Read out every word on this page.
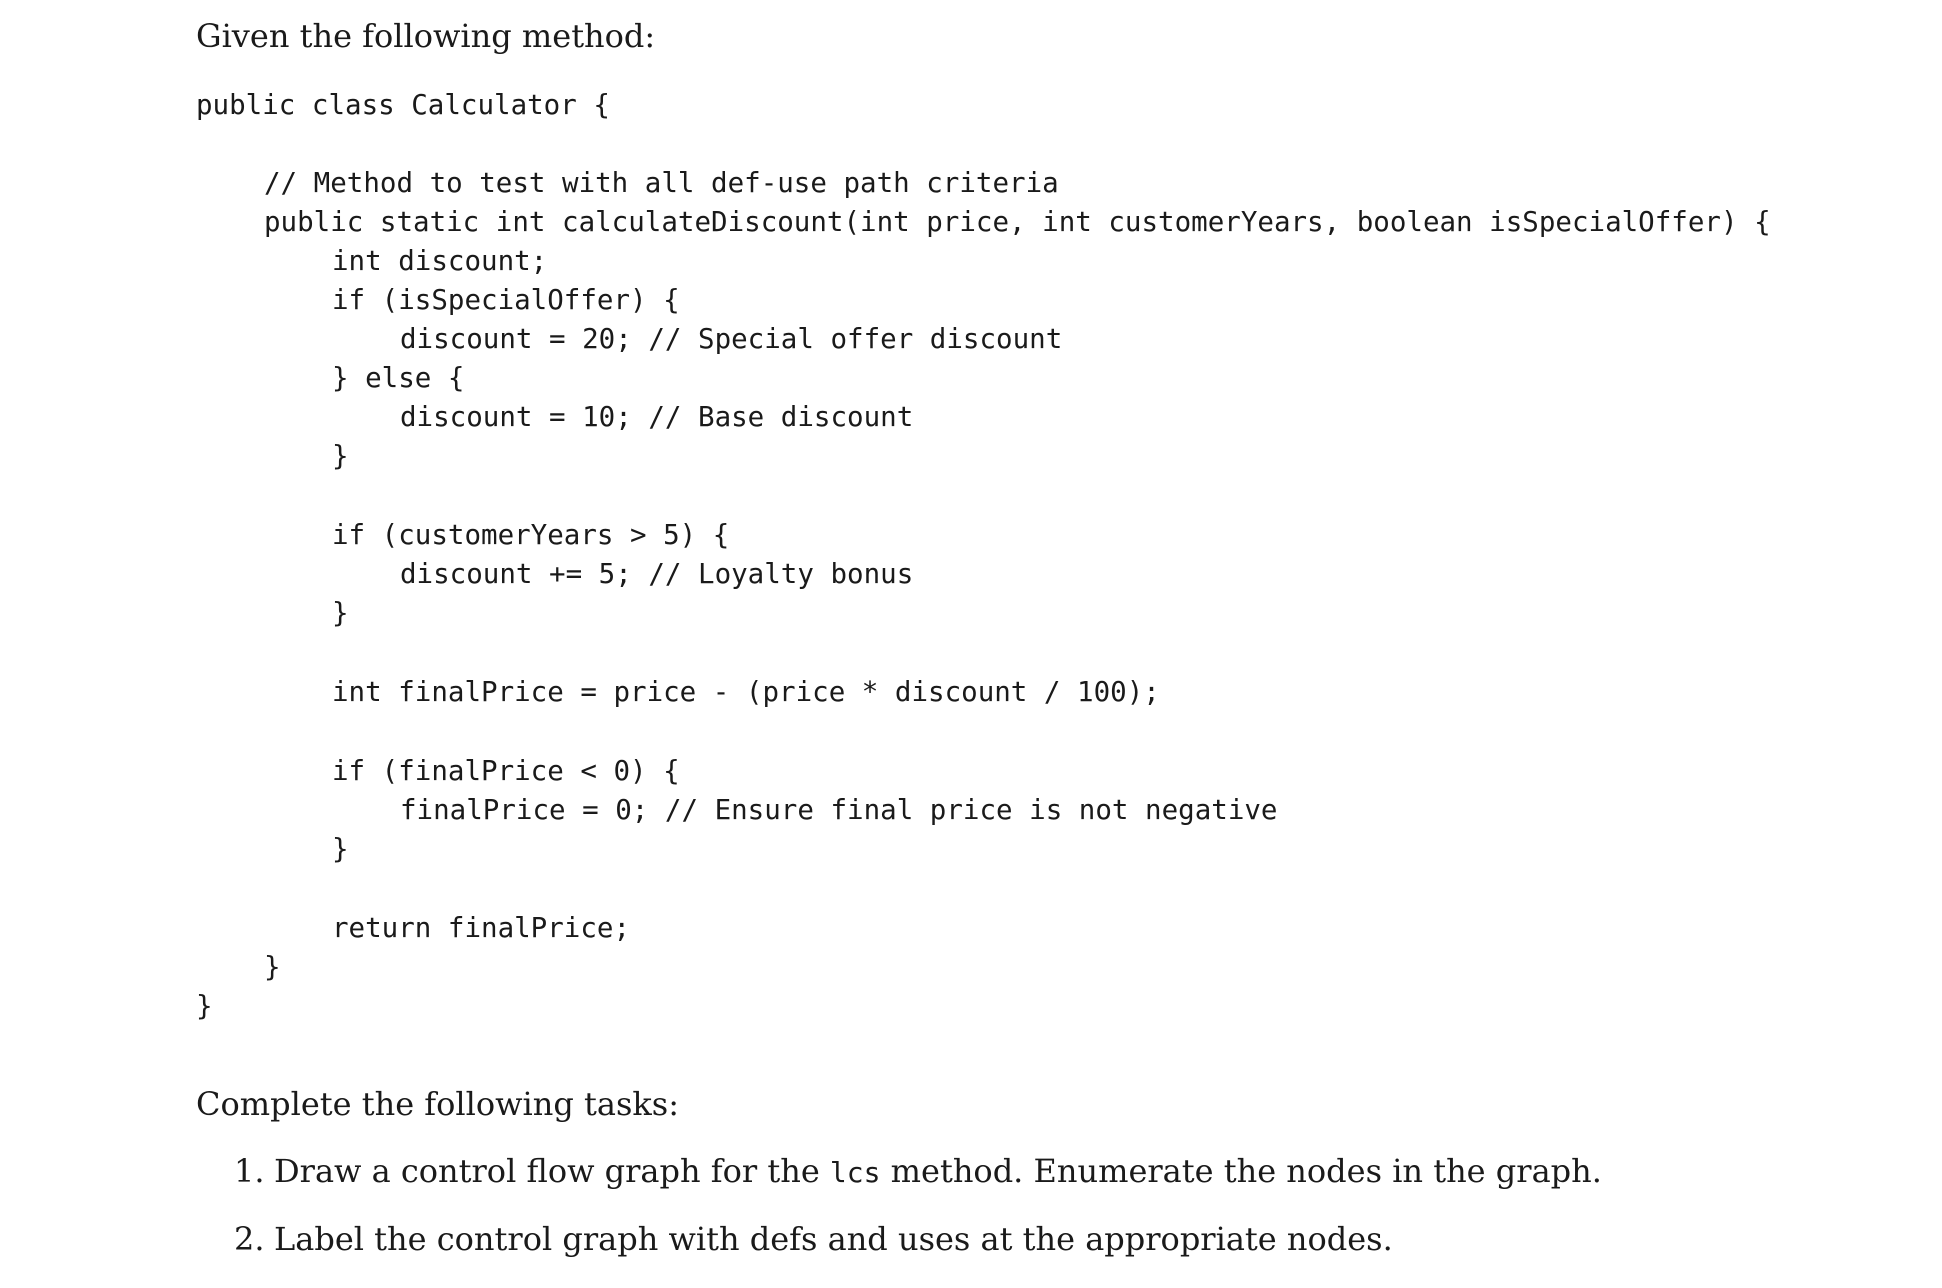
Given the following method:
public class Calculator {
// Method to test with all def-use path criteria
public static int calculateDiscount(int price, int customerYears, boolean isSpecialOffer) {
int discount;
if (isSpecialOffer) {
discount = 20; // Special offer discount
} else {
discount = 10; // Base discount
}
if (customerYears > 5) {
discount += 5; // Loyalty bonus
}
int finalPrice = price - (price * discount / 100);
if (finalPrice < 0) {
finalPrice = 0; // Ensure final price is not negative
}
return finalPrice;
}
}
Complete the following tasks:
1. Draw a control flow graph for the lcs method. Enumerate the nodes in the graph.
2. Label the control graph with defs and uses at the appropriate nodes.
